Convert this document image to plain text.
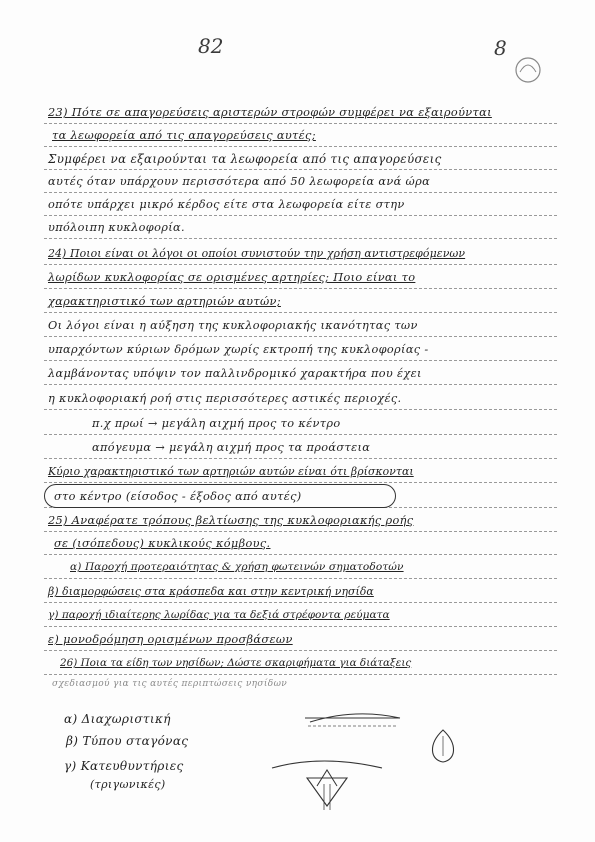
82	8
23) Πότε σε απαγορεύσεις αριστερών στροφών συμφέρει να εξαιρούνται
τα λεωφορεία από τις απαγορεύσεις αυτές;
Συμφέρει να εξαιρούνται τα λεωφορεία από τις απαγορεύσεις
αυτές όταν υπάρχουν περισσότερα από 50 λεωφορεία ανά ώρα
οπότε υπάρχει μικρό κέρδος είτε στα λεωφορεία είτε στην
υπόλοιπη κυκλοφορία.
24) Ποιοι είναι οι λόγοι οι οποίοι συνιστούν την χρήση αντιστρεφόμενων
λωρίδων κυκλοφορίας σε ορισμένες αρτηρίες; Ποιο είναι το
χαρακτηριστικό των αρτηριών αυτών;
Οι λόγοι είναι η αύξηση της κυκλοφοριακής ικανότητας των
υπαρχόντων κύριων δρόμων χωρίς εκτροπή της κυκλοφορίας -
λαμβάνοντας υπόψιν τον παλλινδρομικό χαρακτήρα που έχει
η κυκλοφοριακή ροή στις περισσότερες αστικές περιοχές.
π.χ πρωί → μεγάλη αιχμή προς το κέντρο
απόγευμα → μεγάλη αιχμή προς τα προάστεια
Κύριο χαρακτηριστικό των αρτηριών αυτών είναι ότι βρίσκονται
στο κέντρο (είσοδος - έξοδος από αυτές)
25) Αναφέρατε τρόπους βελτίωσης της κυκλοφοριακής ροής
σε (ισόπεδους) κυκλικούς κόμβους.
α) Παροχή προτεραιότητας & χρήση φωτεινών σηματοδοτών
β) διαμορφώσεις στα κράσπεδα και στην κεντρική νησίδα
γ) παροχή ιδιαίτερης λωρίδας για τα δεξιά στρέφοντα ρεύματα
ε) μονοδρόμηση ορισμένων προσβάσεων
26) Ποια τα είδη των νησίδων; Δώστε σκαριφήματα για διάταξεις
σχεδιασμού για τις αυτές περιπτώσεις νησίδων
α) Διαχωριστική
β) Τύπου σταγόνας
γ) Κατευθυντήριες
(τριγωνικές)
